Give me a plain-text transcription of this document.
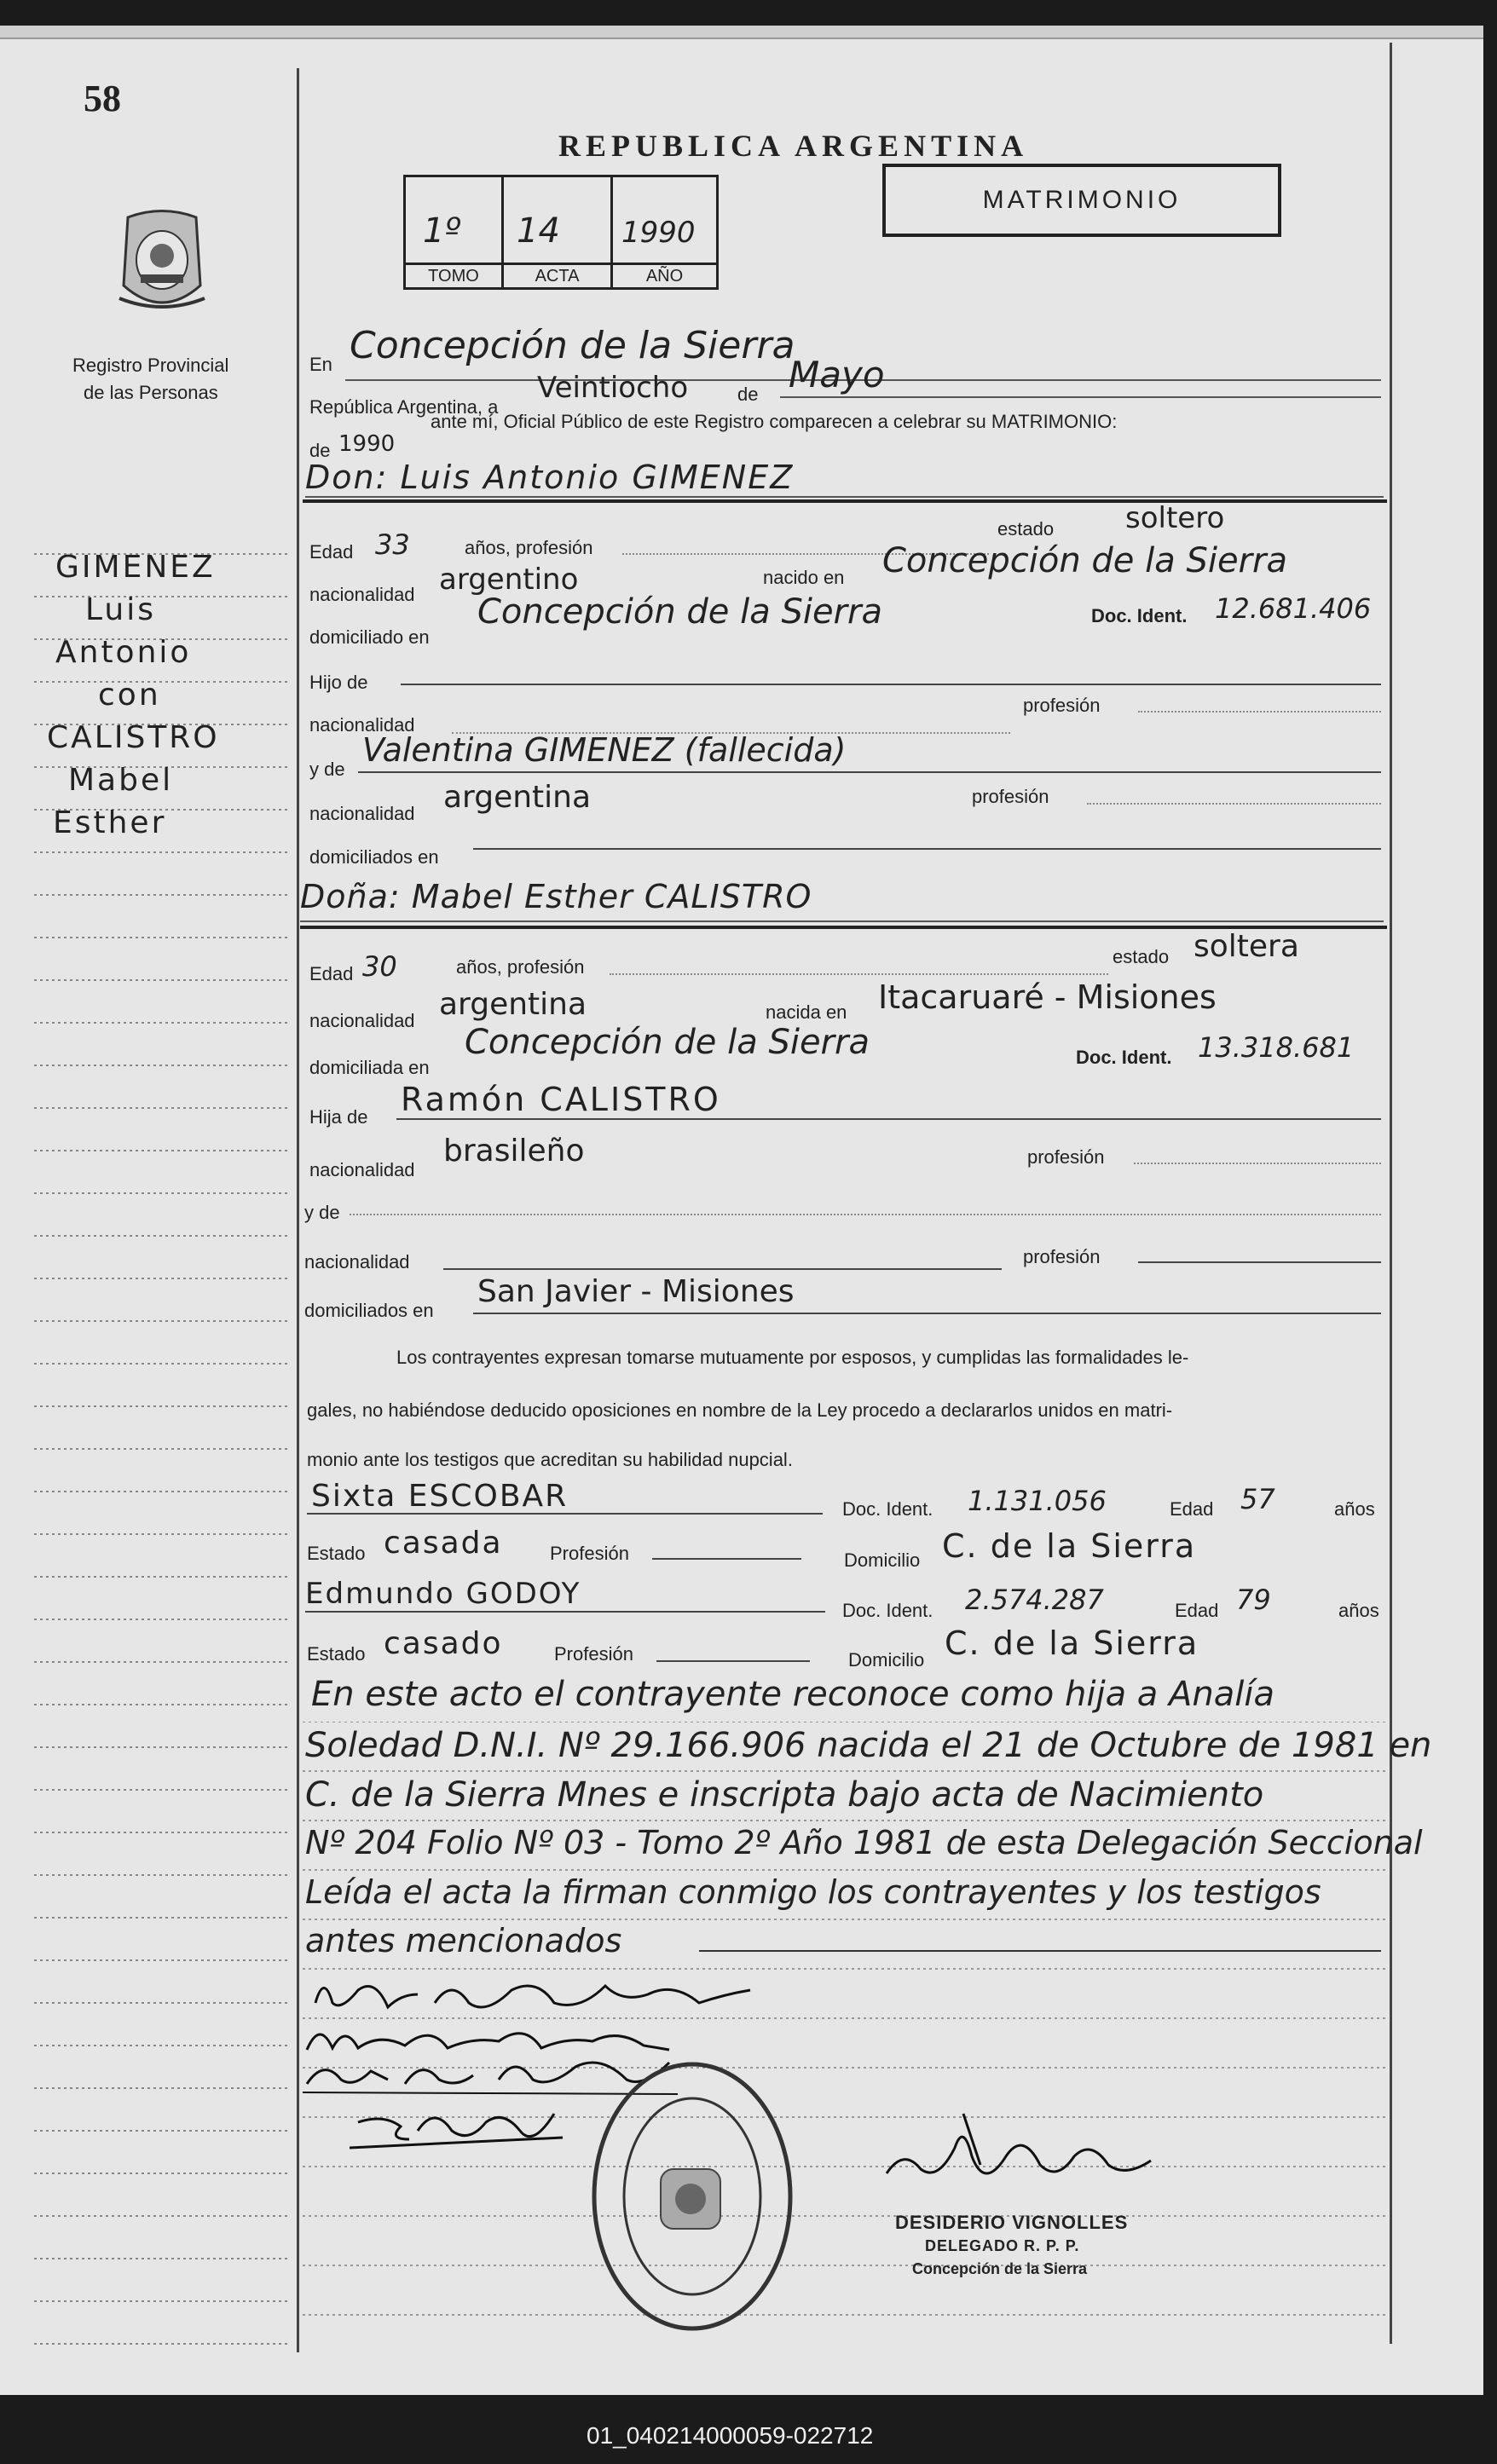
58
Registro Provincial
de las Personas
GIMENEZ
Luis
Antonio
con
CALISTRO
Mabel
Esther
REPUBLICA ARGENTINA
MATRIMONIO
1º
TOMO
14
ACTA
1990
AÑO
En Concepción de la Sierra
República Argentina, a
Veintiocho	de Mayo
de 1990
ante mí, Oficial Público de este Registro comparecen a celebrar su MATRIMONIO:
Don: Luis Antonio GIMENEZ
Edad 33	años, profesión
estado soltero
nacionalidad argentino	nacido en Concepción de la Sierra
domiciliado en
Concepción de la Sierra	Doc. Ident. 12.681.406
Hijo de
nacionalidad
profesión
y de
Valentina GIMENEZ (fallecida)
nacionalidad argentina	profesión
domiciliados en
Doña: Mabel Esther CALISTRO
Edad 30	años, profesión	estado soltera
nacionalidad argentina	nacida en Itacaruaré - Misiones
domiciliada en
Concepción de la Sierra	Doc. Ident. 13.318.681
Hija de Ramón CALISTRO
nacionalidad
brasileño	profesión
y de
nacionalidad	profesión
domiciliados en
San Javier - Misiones
Los contrayentes expresan tomarse mutuamente por esposos, y cumplidas las formalidades le-
gales, no habiéndose deducido oposiciones en nombre de la Ley procedo a declararlos unidos en matri-
monio ante los testigos que acreditan su habilidad nupcial.
Sixta ESCOBAR	Doc. Ident. 1.131.056	Edad 57	años
Estado casada	Profesión	Domicilio C. de la Sierra
Edmundo GODOY	Doc. Ident. 2.574.287	Edad 79	años
Estado casado	Profesión	Domicilio C. de la Sierra
En este acto el contrayente reconoce como hija a Analía
Soledad D.N.I. Nº 29.166.906 nacida el 21 de Octubre de 1981 en
C. de la Sierra Mnes e inscripta bajo acta de Nacimiento
Nº 204 Folio Nº 03 - Tomo 2º Año 1981 de esta Delegación Seccional
Leída el acta la firman conmigo los contrayentes y los testigos
antes mencionados
DESIDERIO VIGNOLLES
DELEGADO R. P. P.
Concepción de la Sierra
01_040214000059-022712
